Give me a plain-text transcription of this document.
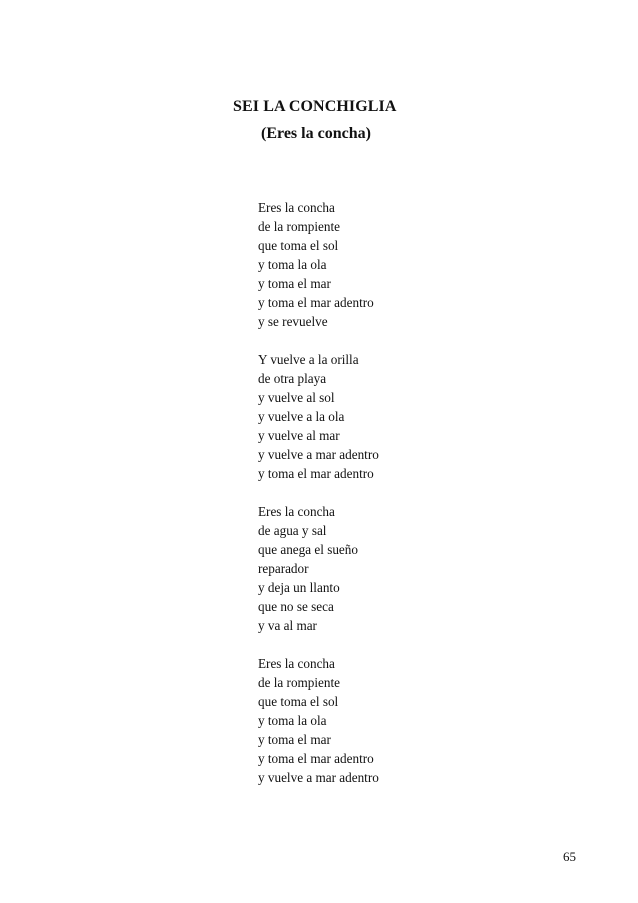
SEI LA CONCHIGLIA
(Eres la concha)
Eres la concha
de la rompiente
que toma el sol
y toma la ola
y toma el mar
y toma el mar adentro
y se revuelve
Y vuelve a la orilla
de otra playa
y vuelve al sol
y vuelve a la ola
y vuelve al mar
y vuelve a mar adentro
y toma el mar adentro
Eres la concha
de agua y sal
que anega el sueño
reparador
y deja un llanto
que no se seca
y va al mar
Eres la concha
de la rompiente
que toma el sol
y toma la ola
y toma el mar
y toma el mar adentro
y vuelve a mar adentro
65
